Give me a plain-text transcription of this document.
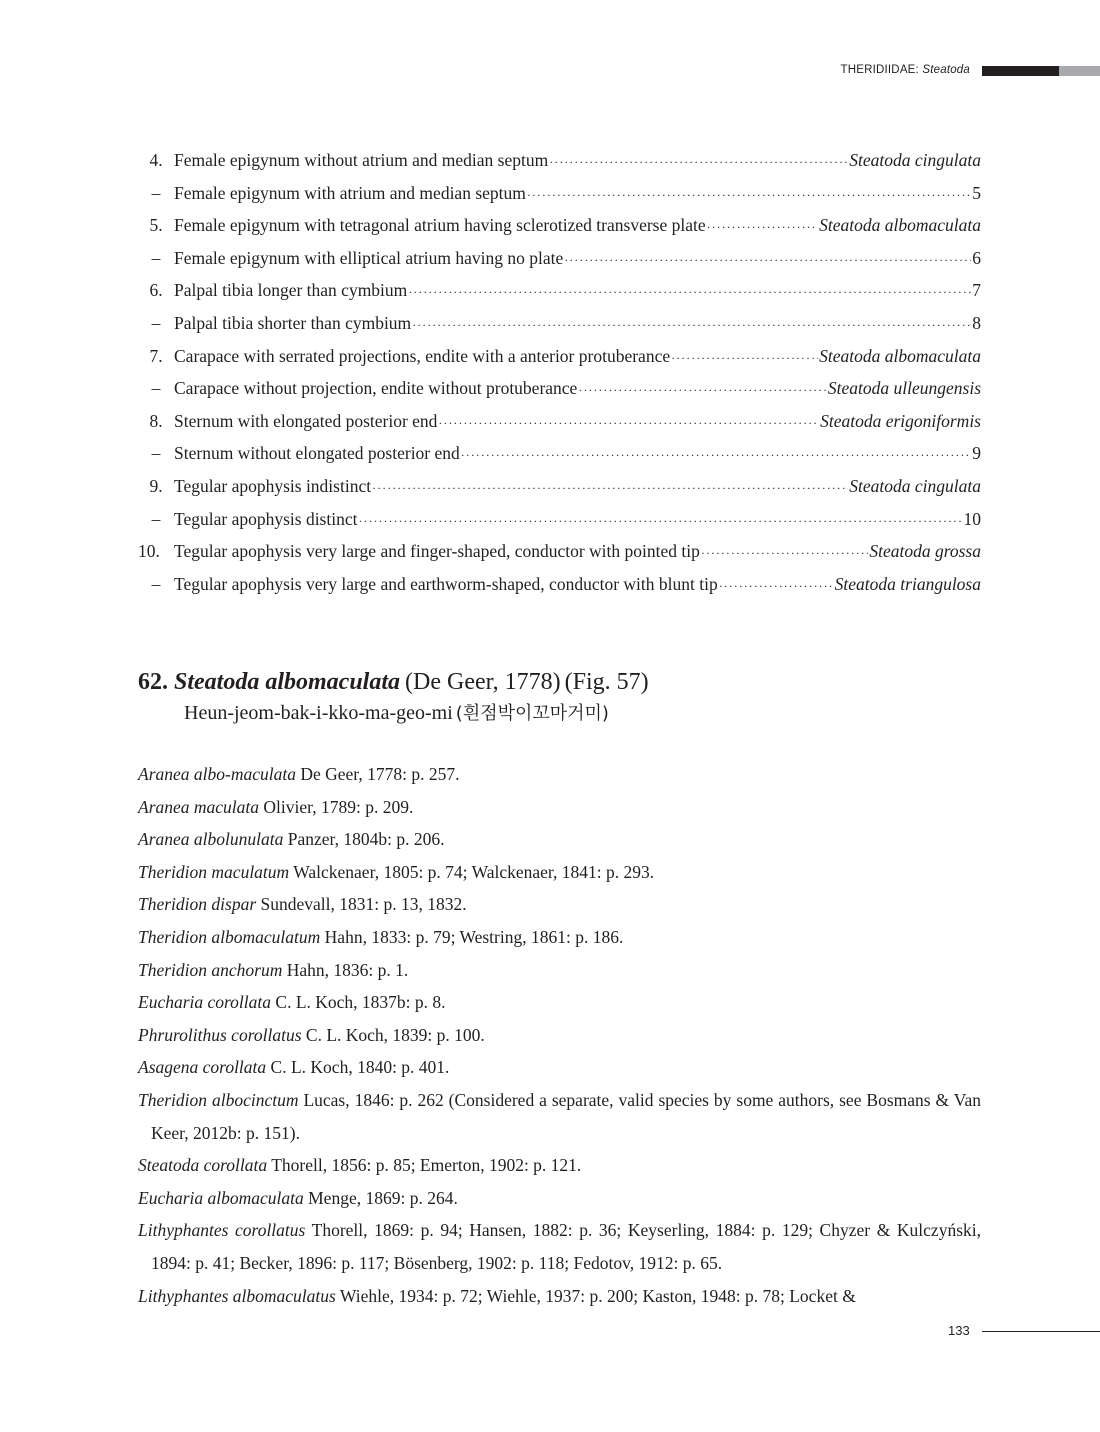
THERIDIIDAE: Steatoda
4. Female epigynum without atrium and median septum ·····	Steatoda cingulata
– Female epigynum with atrium and median septum ·····	5
5. Female epigynum with tetragonal atrium having sclerotized transverse plate ·····	Steatoda albomaculata
– Female epigynum with elliptical atrium having no plate ·····	6
6. Palpal tibia longer than cymbium ·····	7
– Palpal tibia shorter than cymbium ·····	8
7. Carapace with serrated projections, endite with a anterior protuberance ·····	Steatoda albomaculata
– Carapace without projection, endite without protuberance ·····	Steatoda ulleungensis
8. Sternum with elongated posterior end ·····	Steatoda erigoniformis
– Sternum without elongated posterior end ·····	9
9. Tegular apophysis indistinct ·····	Steatoda cingulata
– Tegular apophysis distinct ·····	10
10. Tegular apophysis very large and finger-shaped, conductor with pointed tip ·····	Steatoda grossa
– Tegular apophysis very large and earthworm-shaped, conductor with blunt tip ·····	Steatoda triangulosa
62. Steatoda albomaculata (De Geer, 1778) (Fig. 57)
Heun-jeom-bak-i-kko-ma-geo-mi (흰점박이꼬마거미)

Aranea albo-maculata De Geer, 1778: p. 257.

Aranea maculata Olivier, 1789: p. 209.

Aranea albolunulata Panzer, 1804b: p. 206.

Theridion maculatum Walckenaer, 1805: p. 74; Walckenaer, 1841: p. 293.

Theridion dispar Sundevall, 1831: p. 13, 1832.

Theridion albomaculatum Hahn, 1833: p. 79; Westring, 1861: p. 186.

Theridion anchorum Hahn, 1836: p. 1.

Eucharia corollata C. L. Koch, 1837b: p. 8.

Phrurolithus corollatus C. L. Koch, 1839: p. 100.

Asagena corollata C. L. Koch, 1840: p. 401.

Theridion albocinctum Lucas, 1846: p. 262 (Considered a separate, valid species by some authors, see Bosmans & Van Keer, 2012b: p. 151).

Steatoda corollata Thorell, 1856: p. 85; Emerton, 1902: p. 121.

Eucharia albomaculata Menge, 1869: p. 264.

Lithyphantes corollatus Thorell, 1869: p. 94; Hansen, 1882: p. 36; Keyserling, 1884: p. 129; Chyzer & Kulczyński, 1894: p. 41; Becker, 1896: p. 117; Bösenberg, 1902: p. 118; Fedotov, 1912: p. 65.

Lithyphantes albomaculatus Wiehle, 1934: p. 72; Wiehle, 1937: p. 200; Kaston, 1948: p. 78; Locket &

133
